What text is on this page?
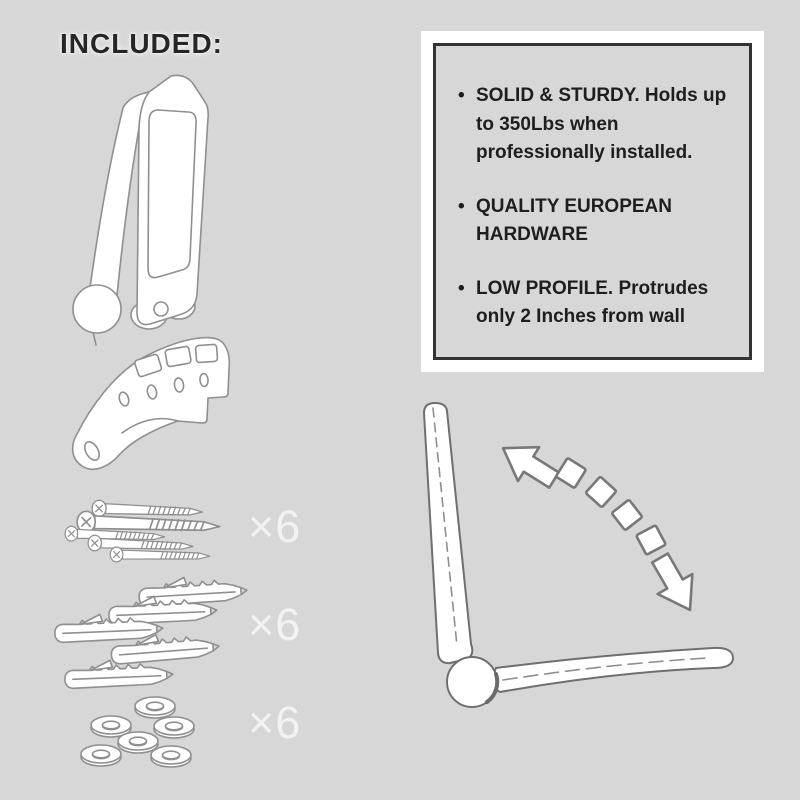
INCLUDED:
• SOLID & STURDY. Holds up to 350Lbs when professionally installed.
• QUALITY EUROPEAN HARDWARE
• LOW PROFILE. Protrudes only 2 Inches from wall
×6
×6
×6
